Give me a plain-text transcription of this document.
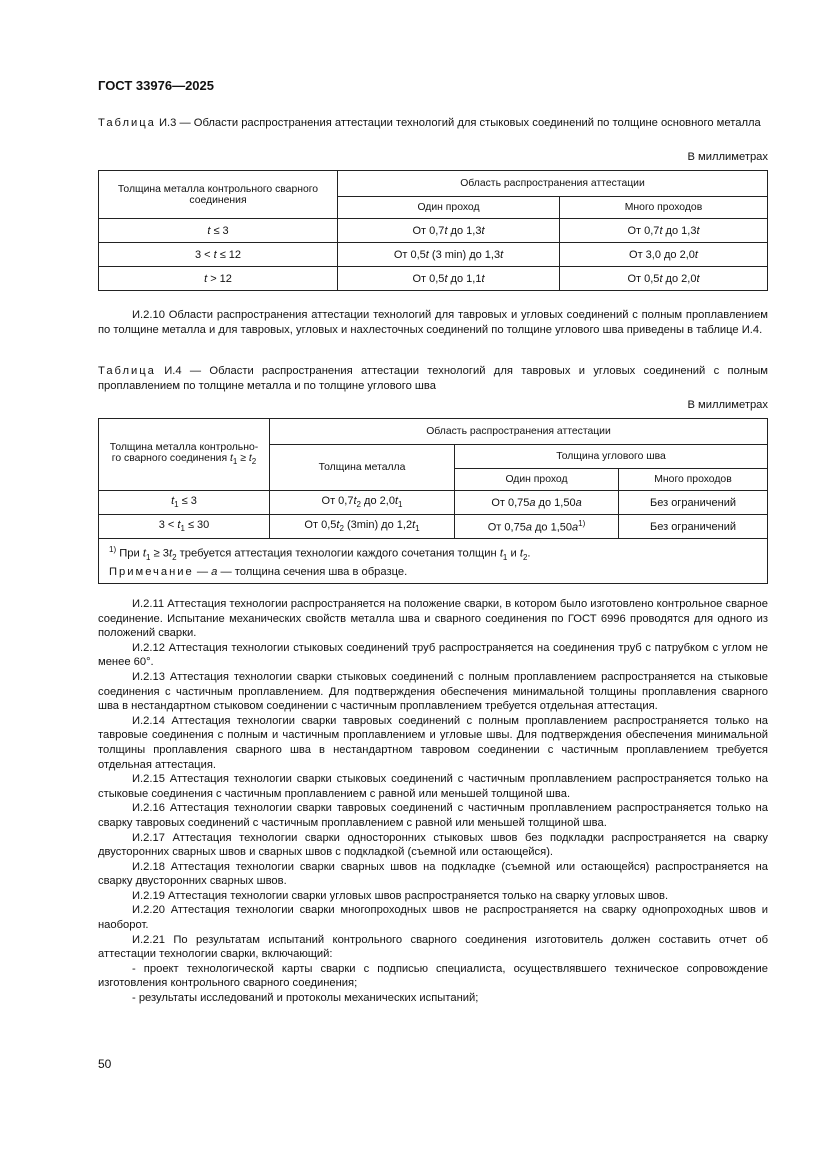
ГОСТ 33976—2025

Таблица И.3 — Области распространения аттестации технологий для стыковых соединений по толщине основного металла

В миллиметрах
Толщина металла контрольного сварного соединения	Область распространения аттестации	
	Один проход	Много проходов
t ≤ 3	От 0,7t до 1,3t	От 0,7t до 1,3t
3 < t ≤ 12	От 0,5t (3 min) до 1,3t	От 3,0 до 2,0t
t > 12	От 0,5t до 1,1t	От 0,5t до 2,0t

И.2.10 Области распространения аттестации технологий для тавровых и угловых соединений с полным проплавлением по толщине металла и для тавровых, угловых и нахлесточных соединений по толщине углового шва приведены в таблице И.4.

Таблица И.4 — Области распространения аттестации технологий для тавровых и угловых соединений с полным проплавлением по толщине металла и по толщине углового шва

В миллиметрах
Толщина металла контрольно-
го сварного соединения $t_1 \ge t_2$	Область распространения аттестации		
	Толщина металла	Толщина углового шва	
		Один проход	Много проходов
$t_1 \le 3$	От $0,7t_2$ до $2,0t_1$	От 0,75a до 1,50a	Без ограничений
$3 < t_1 \le 30$	От $0,5t_2$ (3min) до $1,2t_1$	От 0,75a до $1,50a^{1)}$	Без ограничений

$^{1)}$ При $t_1 \ge 3t_2$ требуется аттестация технологии каждого сочетания толщин $t_1$ и $t_2$.
Примечание — a — толщина сечения шва в образце.			

И.2.11 Аттестация технологии распространяется на положение сварки, в котором было изготовлено контрольное сварное соединение. Испытание механических свойств металла шва и сварного соединения по ГОСТ 6996 проводятся для одного из положений сварки.

И.2.12 Аттестация технологии стыковых соединений труб распространяется на соединения труб с патрубком с углом не менее 60°.

И.2.13 Аттестация технологии сварки стыковых соединений с полным проплавлением распространяется на стыковые соединения с частичным проплавлением. Для подтверждения обеспечения минимальной толщины проплавления сварного шва в нестандартном стыковом соединении с частичным проплавлением требуется отдельная аттестация.

И.2.14 Аттестация технологии сварки тавровых соединений с полным проплавлением распространяется только на тавровые соединения с полным и частичным проплавлением и угловые швы. Для подтверждения обеспечения минимальной толщины проплавления сварного шва в нестандартном тавровом соединении с частичным проплавлением требуется отдельная аттестация.

И.2.15 Аттестация технологии сварки стыковых соединений с частичным проплавлением распространяется только на стыковые соединения с частичным проплавлением с равной или меньшей толщиной шва.

И.2.16 Аттестация технологии сварки тавровых соединений с частичным проплавлением распространяется только на сварку тавровых соединений с частичным проплавлением с равной или меньшей толщиной шва.

И.2.17 Аттестация технологии сварки односторонних стыковых швов без подкладки распространяется на сварку двусторонних сварных швов и сварных швов с подкладкой (съемной или остающейся).

И.2.18 Аттестация технологии сварки сварных швов на подкладке (съемной или остающейся) распространяется на сварку двусторонних сварных швов.

И.2.19 Аттестация технологии сварки угловых швов распространяется только на сварку угловых швов.

И.2.20 Аттестация технологии сварки многопроходных швов не распространяется на сварку однопроходных швов и наоборот.

И.2.21 По результатам испытаний контрольного сварного соединения изготовитель должен составить отчет об аттестации технологии сварки, включающий:

- проект технологической карты сварки с подписью специалиста, осуществлявшего техническое сопровождение изготовления контрольного сварного соединения;

- результаты исследований и протоколы механических испытаний;

50
